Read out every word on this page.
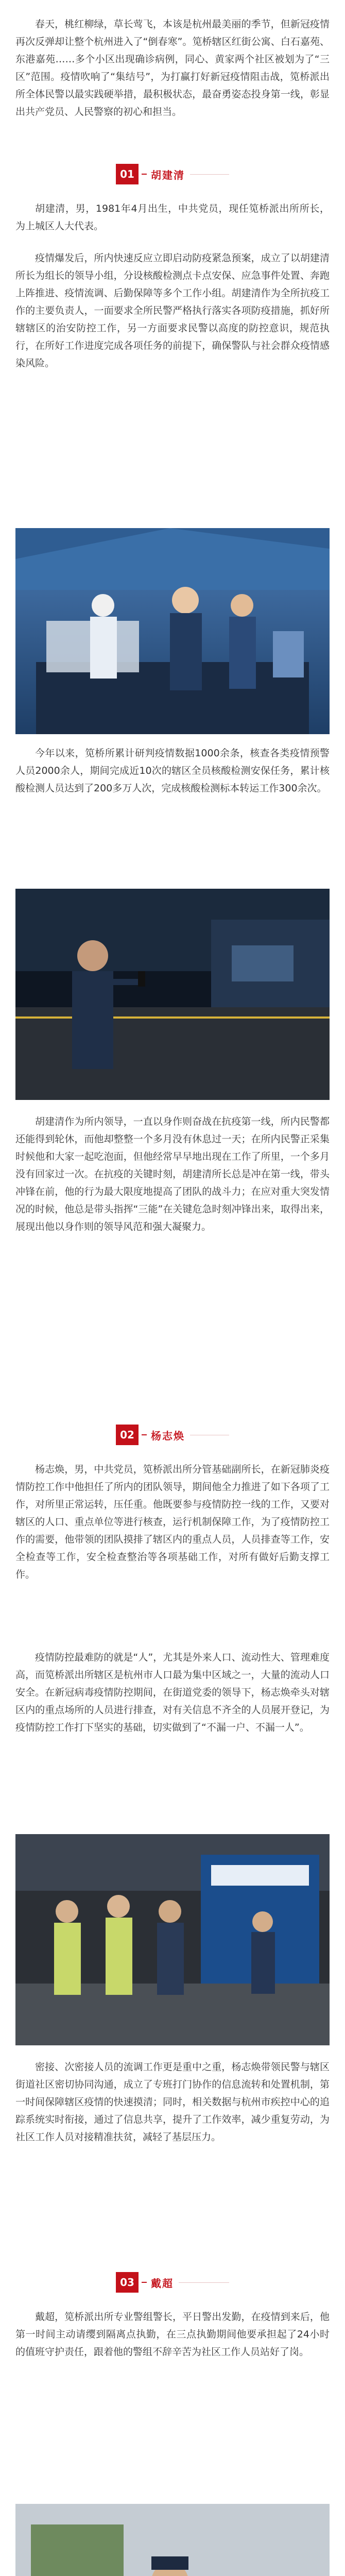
春天，桃红柳绿，草长莺飞，本该是杭州最美丽的季节，但新冠疫情再次反弹却让整个杭州进入了“倒春寒”。笕桥辖区红街公寓、白石嘉苑、东港嘉苑……多个小区出现确诊病例，同心、黄家两个社区被划为了“三区”范围。疫情吹响了“集结号”，为打赢打好新冠疫情阻击战，笕桥派出所全体民警以最实践硬举措，最积极状态，最奋勇姿态投身第一线，彰显出共产党员、人民警察的初心和担当。

01	胡建清

胡建清，男，1981年4月出生，中共党员，现任笕桥派出所所长，为上城区人大代表。

疫情爆发后，所内快速反应立即启动防疫紧急预案，成立了以胡建清所长为组长的领导小组，分设核酸检测点卡点安保、应急事件处置、奔跑上阵推进、疫情流调、后勤保障等多个工作小组。胡建清作为全所抗疫工作的主要负责人，一面要求全所民警严格执行落实各项防疫措施，抓好所辖辖区的治安防控工作，另一方面要求民警以高度的防控意识，规范执行，在所好工作进度完成各项任务的前提下，确保警队与社会群众疫情感染风险。

今年以来，笕桥所累计研判疫情数据1000余条，核查各类疫情预警人员2000余人，期间完成近10次的辖区全员核酸检测安保任务，累计核酸检测人员达到了200多万人次，完成核酸检测标本转运工作300余次。

胡建清作为所内领导，一直以身作则奋战在抗疫第一线，所内民警都还能得到轮休，而他却整整一个多月没有休息过一天；在所内民警正采集时候他和大家一起吃泡面，但他经常早早地出现在工作了所里，一个多月没有回家过一次。在抗疫的关键时刻，胡建清所长总是冲在第一线，带头冲锋在前，他的行为最大限度地提高了团队的战斗力；在应对重大突发情况的时候，他总是带头指挥“三能”在关键危急时刻冲锋出来，取得出来，展现出他以身作则的领导风范和强大凝聚力。

02	杨志焕

杨志焕，男，中共党员，笕桥派出所分管基础副所长，在新冠肺炎疫情防控工作中他担任了所内的团队领导，期间他全力推进了如下各项了工作，对所里正常运转，压任重。他既要参与疫情防控一线的工作，又要对辖区的人口、重点单位等进行核查，运行机制保障工作，为了疫情防控工作的需要，他带领的团队摸排了辖区内的重点人员，人员排查等工作，安全检查等工作，安全检查整治等各项基础工作，对所有做好后勤支撑工作。

疫情防控最难防的就是“人”，尤其是外来人口、流动性大、管理难度高，而笕桥派出所辖区是杭州市人口最为集中区域之一，大量的流动人口安全。在新冠病毒疫情防控期间，在街道党委的领导下，杨志焕牵头对辖区内的重点场所的人员进行排查，对有关信息不齐全的人员展开登记，为疫情防控工作打下坚实的基础，切实做到了“不漏一户、不漏一人”。

密接、次密接人员的流调工作更是重中之重，杨志焕带领民警与辖区街道社区密切协同沟通，成立了专班打门协作的信息流转和处置机制，第一时间保障辖区疫情的快速摸清；同时，相关数据与杭州市疾控中心的追踪系统实时衔接，通过了信息共享，提升了工作效率，减少重复劳动，为社区工作人员对接精准扶贫，减轻了基层压力。

03	戴超

戴超，笕桥派出所专业警组警长，平日警出发勤，在疫情到来后，他第一时间主动请缨到隔离点执勤，在三点执勤期间他要承担起了24小时的值班守护责任，跟着他的警组不辞辛苦为社区工作人员站好了岗。
